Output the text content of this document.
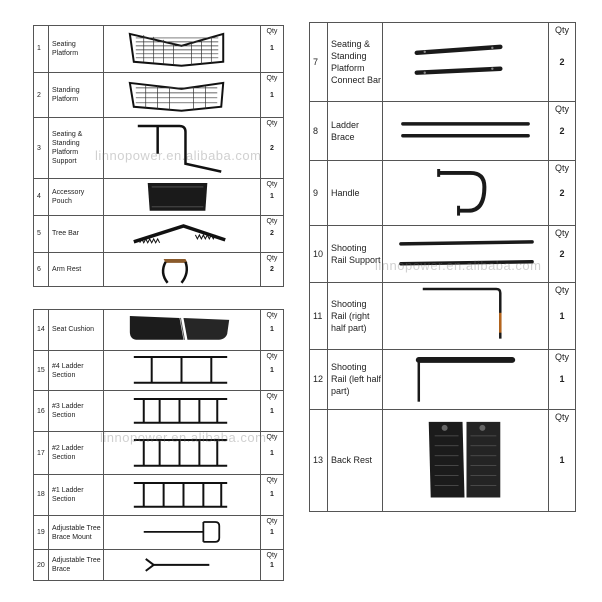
1	Seating Platform		Qty
1

2	Standing Platform		Qty
1

3	Seating & Standing Platform Support		Qty
2

4	Accessory Pouch		Qty
1

5	Tree Bar		Qty
2

6	Arm Rest		Qty
2
14	Seat Cushion		Qty
1

15	#4 Ladder Section		Qty
1

16	#3 Ladder Section		Qty
1

17	#2 Ladder Section		Qty
1

18	#1 Ladder Section		Qty
1

19	Adjustable Tree Brace Mount		Qty
1

20	Adjustable Tree Brace		Qty
1
7	Seating & Standing Platform Connect Bar		Qty
2

8	Ladder Brace		Qty
2

9	Handle		Qty
2

10	Shooting Rail Support		Qty
2

11	Shooting Rail (right half part)		Qty
1

12	Shooting Rail (left half part)		Qty
1

13	Back Rest		Qty
1
linnopower.en.alibaba.com
linnopower.en.alibaba.com
linnopower.en.alibaba.com
